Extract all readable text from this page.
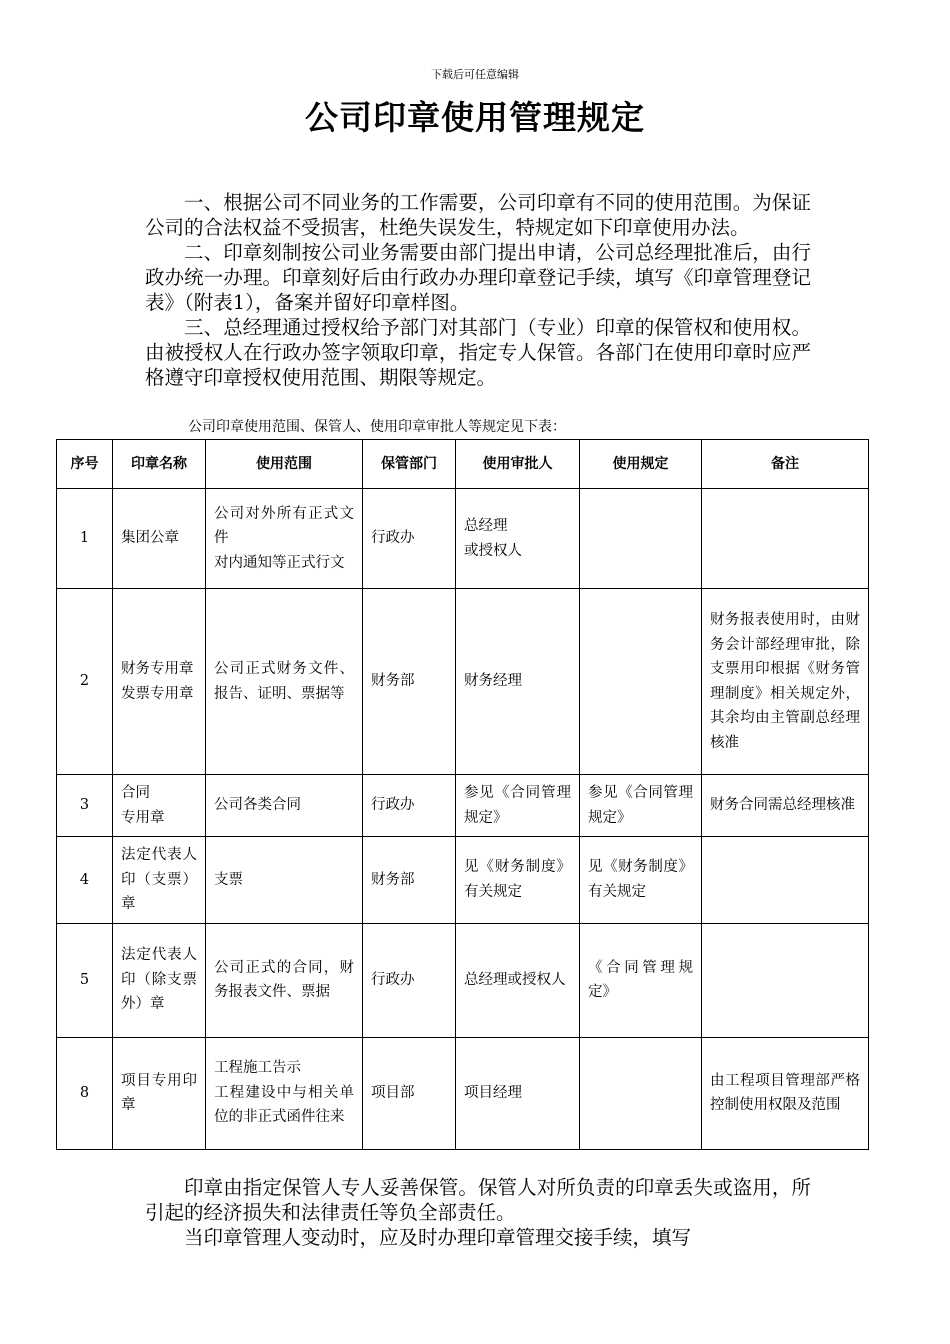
下载后可任意编辑
公司印章使用管理规定

一、根据公司不同业务的工作需要，公司印章有不同的使用范围。为保证公司的合法权益不受损害，杜绝失误发生，特规定如下印章使用办法。

二、印章刻制按公司业务需要由部门提出申请，公司总经理批准后，由行政办统一办理。印章刻好后由行政办办理印章登记手续，填写《印章管理登记表》（附表1），备案并留好印章样图。

三、总经理通过授权给予部门对其部门（专业）印章的保管权和使用权。由被授权人在行政办签字领取印章，指定专人保管。各部门在使用印章时应严格遵守印章授权使用范围、期限等规定。

公司印章使用范围、保管人、使用印章审批人等规定见下表：
序号	印章名称	使用范围	保管部门	使用审批人	使用规定	备注
1	集团公章	公司对外所有正式文件
对内通知等正式行文	行政办	总经理
或授权人		
2	财务专用章
发票专用章	公司正式财务文件、报告、证明、票据等	财务部	财务经理		财务报表使用时，由财务会计部经理审批，除支票用印根据《财务管理制度》相关规定外，其余均由主管副总经理核准
3	合同
专用章	公司各类合同	行政办	参见《合同管理规定》	参见《合同管理规定》	财务合同需总经理核准
4	法定代表人印（支票）章	支票	财务部	见《财务制度》有关规定	见《财务制度》有关规定	
5	法定代表人印（除支票外）章	公司正式的合同，财务报表文件、票据	行政办	总经理或授权人	《合同管理规定》	
8	项目专用印章	工程施工告示
工程建设中与相关单位的非正式函件往来	项目部	项目经理		由工程项目管理部严格控制使用权限及范围

印章由指定保管人专人妥善保管。保管人对所负责的印章丢失或盗用，所引起的经济损失和法律责任等负全部责任。

当印章管理人变动时，应及时办理印章管理交接手续，填写
